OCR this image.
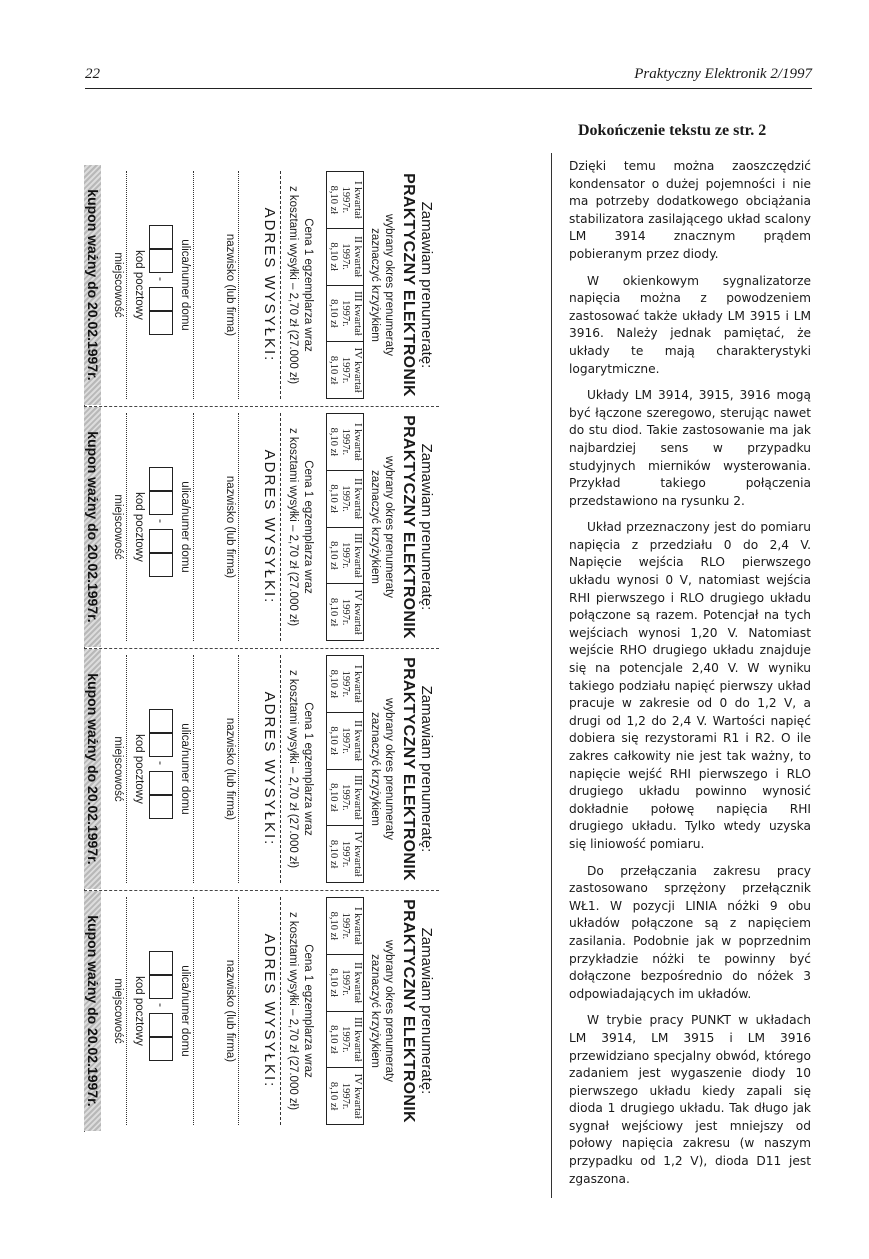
22	Praktyczny Elektronik 2/1997
Zamawiam prenumeratę:
PRAKTYCZNY ELEKTRONIK
wybrany okres prenumeraty
zaznaczyć krzyżykiem
I kwartał
1997r.
8,10 zł

II kwartał
1997r.
8,10 zł

III kwartał
1997r.
8,10 zł

IV kwartał
1997r.
8,10 zł
Cena 1 egzemplarza wraz
z kosztami wysyłki – 2,70 zł (27.000 zł)
ADRES WYSYŁKI:
nazwisko (lub firma)
ulica/numer domu
-
kod pocztowy
miejscowość
kupon ważny do 20.02.1997r.
Zamawiam prenumeratę:
PRAKTYCZNY ELEKTRONIK
wybrany okres prenumeraty
zaznaczyć krzyżykiem
I kwartał
1997r.
8,10 zł

II kwartał
1997r.
8,10 zł

III kwartał
1997r.
8,10 zł

IV kwartał
1997r.
8,10 zł
Cena 1 egzemplarza wraz
z kosztami wysyłki – 2,70 zł (27.000 zł)
ADRES WYSYŁKI:
nazwisko (lub firma)
ulica/numer domu
-
kod pocztowy
miejscowość
kupon ważny do 20.02.1997r.
Zamawiam prenumeratę:
PRAKTYCZNY ELEKTRONIK
wybrany okres prenumeraty
zaznaczyć krzyżykiem
I kwartał
1997r.
8,10 zł

II kwartał
1997r.
8,10 zł

III kwartał
1997r.
8,10 zł

IV kwartał
1997r.
8,10 zł
Cena 1 egzemplarza wraz
z kosztami wysyłki – 2,70 zł (27.000 zł)
ADRES WYSYŁKI:
nazwisko (lub firma)
ulica/numer domu
-
kod pocztowy
miejscowość
kupon ważny do 20.02.1997r.
Zamawiam prenumeratę:
PRAKTYCZNY ELEKTRONIK
wybrany okres prenumeraty
zaznaczyć krzyżykiem
I kwartał
1997r.
8,10 zł

II kwartał
1997r.
8,10 zł

III kwartał
1997r.
8,10 zł

IV kwartał
1997r.
8,10 zł
Cena 1 egzemplarza wraz
z kosztami wysyłki – 2,70 zł (27.000 zł)
ADRES WYSYŁKI:
nazwisko (lub firma)
ulica/numer domu
-
kod pocztowy
miejscowość
kupon ważny do 20.02.1997r.
Dokończenie tekstu ze str. 2

Dzięki temu można zaoszczędzić kondensator o dużej pojemności i nie ma potrzeby dodatkowego obciążania stabilizatora zasilającego układ scalony LM 3914 znacznym prądem pobieranym przez diody.

W okienkowym sygnalizatorze napięcia można z powodzeniem zastosować także układy LM 3915 i LM 3916. Należy jednak pamiętać, że układy te mają charakterystyki logarytmiczne.

Układy LM 3914, 3915, 3916 mogą być łączone szeregowo, sterując nawet do stu diod. Takie zastosowanie ma jak najbardziej sens w przypadku studyjnych mierników wysterowania. Przykład takiego połączenia przedstawiono na rysunku 2.

Układ przeznaczony jest do pomiaru napięcia z przedziału 0 do 2,4 V. Napięcie wejścia RLO pierwszego układu wynosi 0 V, natomiast wejścia RHI pierwszego i RLO drugiego układu połączone są razem. Potencjał na tych wejściach wynosi 1,20 V. Natomiast wejście RHO drugiego układu znajduje się na potencjale 2,40 V. W wyniku takiego podziału napięć pierwszy układ pracuje w zakresie od 0 do 1,2 V, a drugi od 1,2 do 2,4 V. Wartości napięć dobiera się rezystorami R1 i R2. O ile zakres całkowity nie jest tak ważny, to napięcie wejść RHI pierwszego i RLO drugiego układu powinno wynosić dokładnie połowę napięcia RHI drugiego układu. Tylko wtedy uzyska się liniowość pomiaru.

Do przełączania zakresu pracy zastosowano sprzężony przełącznik WŁ1. W pozycji LINIA nóżki 9 obu układów połączone są z napięciem zasilania. Podobnie jak w poprzednim przykładzie nóżki te powinny być dołączone bezpośrednio do nóżek 3 odpowiadających im układów.

W trybie pracy PUNKT w układach LM 3914, LM 3915 i LM 3916 przewidziano specjalny obwód, którego zadaniem jest wygaszenie diody 10 pierwszego układu kiedy zapali się dioda 1 drugiego układu. Tak długo jak sygnał wejściowy jest mniejszy od połowy napięcia zakresu (w naszym przypadku od 1,2 V), dioda D11 jest zgaszona.
